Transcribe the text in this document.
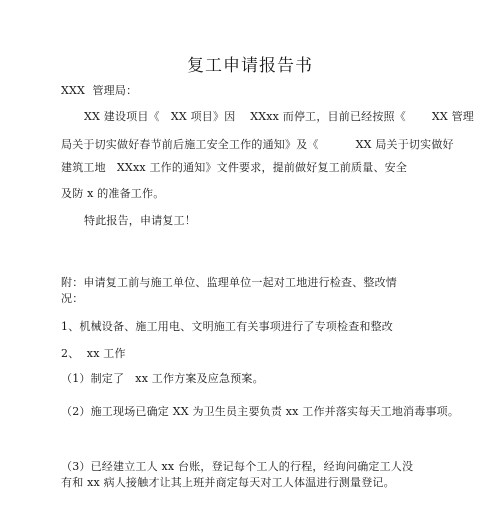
复工申请报告书
XXX  管理局：
XX 建设项目《   XX 项目》因    XXxx 而停工，目前已经按照《       XX 管理
局关于切实做好春节前后施工安全工作的通知》及《          XX 局关于切实做好
建筑工地   XXxx 工作的通知》文件要求，提前做好复工前质量、安全
及防 x 的准备工作。
特此报告，申请复工！
附：申请复工前与施工单位、监理单位一起对工地进行检查、整改情
况：
1、机械设备、施工用电、文明施工有关事项进行了专项检查和整改
2、  xx 工作
（1）制定了   xx 工作方案及应急预案。
（2）施工现场已确定 XX 为卫生员主要负责 xx 工作并落实每天工地消毒事项。
（3）已经建立工人 xx 台账，登记每个工人的行程，经询问确定工人没
有和 xx 病人接触才让其上班并商定每天对工人体温进行测量登记。
